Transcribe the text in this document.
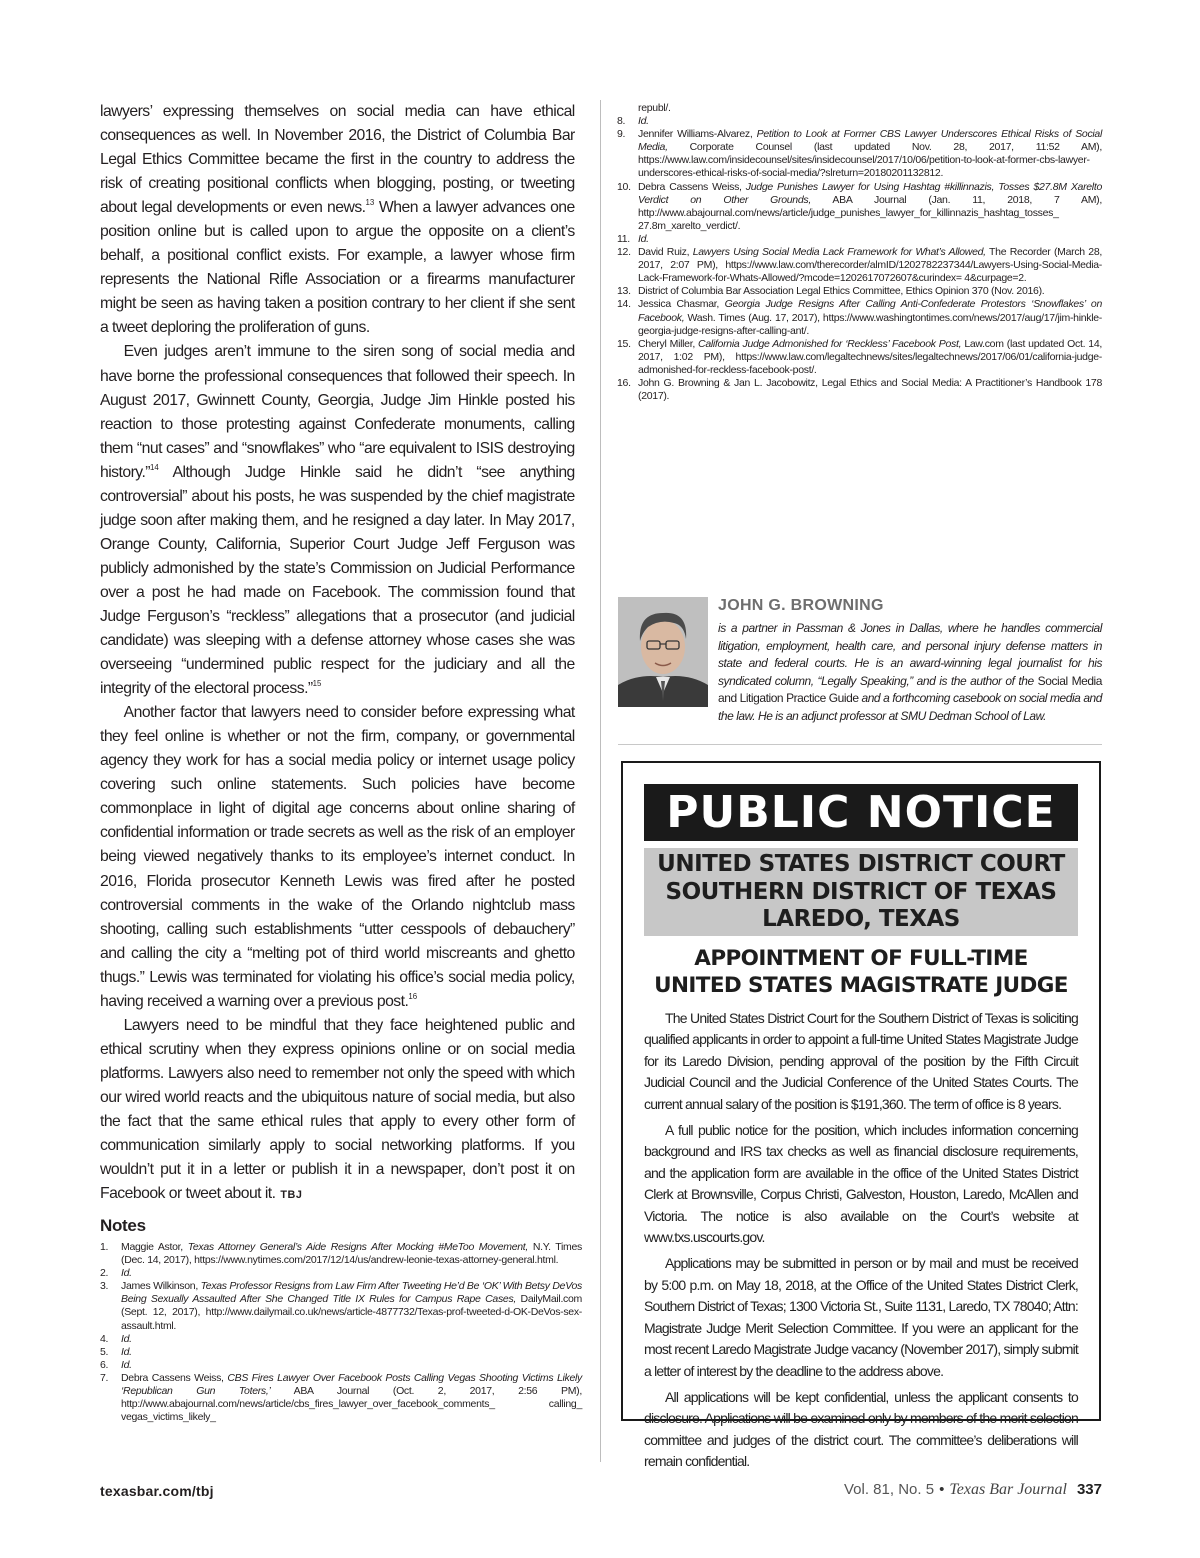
lawyers’ expressing themselves on social media can have ethical consequences as well. In November 2016, the District of Columbia Bar Legal Ethics Committee became the first in the country to address the risk of creating positional conflicts when blogging, posting, or tweeting about legal developments or even news.$^{13}$ When a lawyer advances one position online but is called upon to argue the opposite on a client’s behalf, a positional conflict exists. For example, a lawyer whose firm represents the National Rifle Association or a firearms manufacturer might be seen as having taken a position contrary to her client if she sent a tweet deploring the proliferation of guns.

Even judges aren’t immune to the siren song of social media and have borne the professional consequences that followed their speech. In August 2017, Gwinnett County, Georgia, Judge Jim Hinkle posted his reaction to those protesting against Confederate monuments, calling them “nut cases” and “snowflakes” who “are equivalent to ISIS destroying history.”$^{14}$ Although Judge Hinkle said he didn’t “see anything controversial” about his posts, he was suspended by the chief magistrate judge soon after making them, and he resigned a day later. In May 2017, Orange County, California, Superior Court Judge Jeff Ferguson was publicly admonished by the state’s Commission on Judicial Performance over a post he had made on Facebook. The commission found that Judge Ferguson’s “reckless” allegations that a prosecutor (and judicial candidate) was sleeping with a defense attorney whose cases she was overseeing “undermined public respect for the judiciary and all the integrity of the electoral process.”$^{15}$

Another factor that lawyers need to consider before expressing what they feel online is whether or not the firm, company, or governmental agency they work for has a social media policy or internet usage policy covering such online statements. Such policies have become commonplace in light of digital age concerns about online sharing of confidential information or trade secrets as well as the risk of an employer being viewed negatively thanks to its employee’s internet conduct. In 2016, Florida prosecutor Kenneth Lewis was fired after he posted controversial comments in the wake of the Orlando nightclub mass shooting, calling such establishments “utter cesspools of debauchery” and calling the city a “melting pot of third world miscreants and ghetto thugs.” Lewis was terminated for violating his office’s social media policy, having received a warning over a previous post.$^{16}$

Lawyers need to be mindful that they face heightened public and ethical scrutiny when they express opinions online or on social media platforms. Lawyers also need to remember not only the speed with which our wired world reacts and the ubiquitous nature of social media, but also the fact that the same ethical rules that apply to every other form of communication similarly apply to social networking platforms. If you wouldn’t put it in a letter or publish it in a newspaper, don’t post it on Facebook or tweet about it. TBJ

Notes
1.	Maggie Astor, Texas Attorney General’s Aide Resigns After Mocking #MeToo Movement, N.Y. Times (Dec. 14, 2017), https://www.nytimes.com/2017/12/14/us/andrew-leonie-texas-attorney-general.html.
2.	Id.
3.	James Wilkinson, Texas Professor Resigns from Law Firm After Tweeting He’d Be ‘OK’ With Betsy DeVos Being Sexually Assaulted After She Changed Title IX Rules for Campus Rape Cases, DailyMail.com (Sept. 12, 2017), http://www.dailymail.co.uk/news/article-4877732/Texas-prof-tweeted-d-OK-DeVos-sex-assault.html.
4.	Id.
5.	Id.
6.	Id.
7.	Debra Cassens Weiss, CBS Fires Lawyer Over Facebook Posts Calling Vegas Shooting Victims Likely ‘Republican Gun Toters,’ ABA Journal (Oct. 2, 2017, 2:56 PM), http://www.abajournal.com/news/article/cbs_fires_lawyer_over_facebook_comments_ calling_ vegas_victims_likely_
republ/.
8.	Id.
9.	Jennifer Williams-Alvarez, Petition to Look at Former CBS Lawyer Underscores Ethical Risks of Social Media, Corporate Counsel (last updated Nov. 28, 2017, 11:52 AM), https://www.law.com/insidecounsel/sites/insidecounsel/2017/10/06/petition-to-look-at-former-cbs-lawyer-underscores-ethical-risks-of-social-media/?slreturn=20180201132812.
10. Debra Cassens Weiss, Judge Punishes Lawyer for Using Hashtag #killinnazis, Tosses $27.8M Xarelto Verdict on Other Grounds, ABA Journal (Jan. 11, 2018, 7 AM), http://www.abajournal.com/news/article/judge_punishes_lawyer_for_killinnazis_hashtag_tosses_ 27.8m_xarelto_verdict/.
11. Id.
12. David Ruiz, Lawyers Using Social Media Lack Framework for What’s Allowed, The Recorder (March 28, 2017, 2:07 PM), https://www.law.com/therecorder/almID/1202782237344/Lawyers-Using-Social-Media-Lack-Framework-for-Whats-Allowed/?mcode=1202617072607&curindex= 4&curpage=2.
13. District of Columbia Bar Association Legal Ethics Committee, Ethics Opinion 370 (Nov. 2016).
14. Jessica Chasmar, Georgia Judge Resigns After Calling Anti-Confederate Protestors ‘Snowflakes’ on Facebook, Wash. Times (Aug. 17, 2017), https://www.washingtontimes.com/news/2017/aug/17/jim-hinkle-georgia-judge-resigns-after-calling-ant/.
15. Cheryl Miller, California Judge Admonished for ‘Reckless’ Facebook Post, Law.com (last updated Oct. 14, 2017, 1:02 PM), https://www.law.com/legaltechnews/sites/legaltechnews/2017/06/01/california-judge-admonished-for-reckless-facebook-post/.
16. John G. Browning & Jan L. Jacobowitz, Legal Ethics and Social Media: A Practitioner’s Handbook 178 (2017).
JOHN G. BROWNING
is a partner in Passman & Jones in Dallas, where he handles commercial litigation, employment, health care, and personal injury defense matters in state and federal courts. He is an award-winning legal journalist for his syndicated column, “Legally Speaking,” and is the author of the Social Media and Litigation Practice Guide and a forthcoming casebook on social media and the law. He is an adjunct professor at SMU Dedman School of Law.
PUBLIC NOTICE
UNITED STATES DISTRICT COURT
SOUTHERN DISTRICT OF TEXAS
LAREDO, TEXAS
APPOINTMENT OF FULL-TIME
UNITED STATES MAGISTRATE JUDGE

The United States District Court for the Southern District of Texas is soliciting qualified applicants in order to appoint a full-time United States Magistrate Judge for its Laredo Division, pending approval of the position by the Fifth Circuit Judicial Council and the Judicial Conference of the United States Courts. The current annual salary of the position is $191,360. The term of office is 8 years.

A full public notice for the position, which includes information concerning background and IRS tax checks as well as financial disclosure requirements, and the application form are available in the office of the United States District Clerk at Brownsville, Corpus Christi, Galveston, Houston, Laredo, McAllen and Victoria. The notice is also available on the Court’s website at www.txs.uscourts.gov.

Applications may be submitted in person or by mail and must be received by 5:00 p.m. on May 18, 2018, at the Office of the United States District Clerk, Southern District of Texas; 1300 Victoria St., Suite 1131, Laredo, TX 78040; Attn: Magistrate Judge Merit Selection Committee. If you were an applicant for the most recent Laredo Magistrate Judge vacancy (November 2017), simply submit a letter of interest by the deadline to the address above.

All applications will be kept confidential, unless the applicant consents to disclosure. Applications will be examined only by members of the merit selection committee and judges of the district court. The committee’s deliberations will remain confidential.

texasbar.com/tbj	Vol. 81, No. 5 • Texas Bar Journal 337
